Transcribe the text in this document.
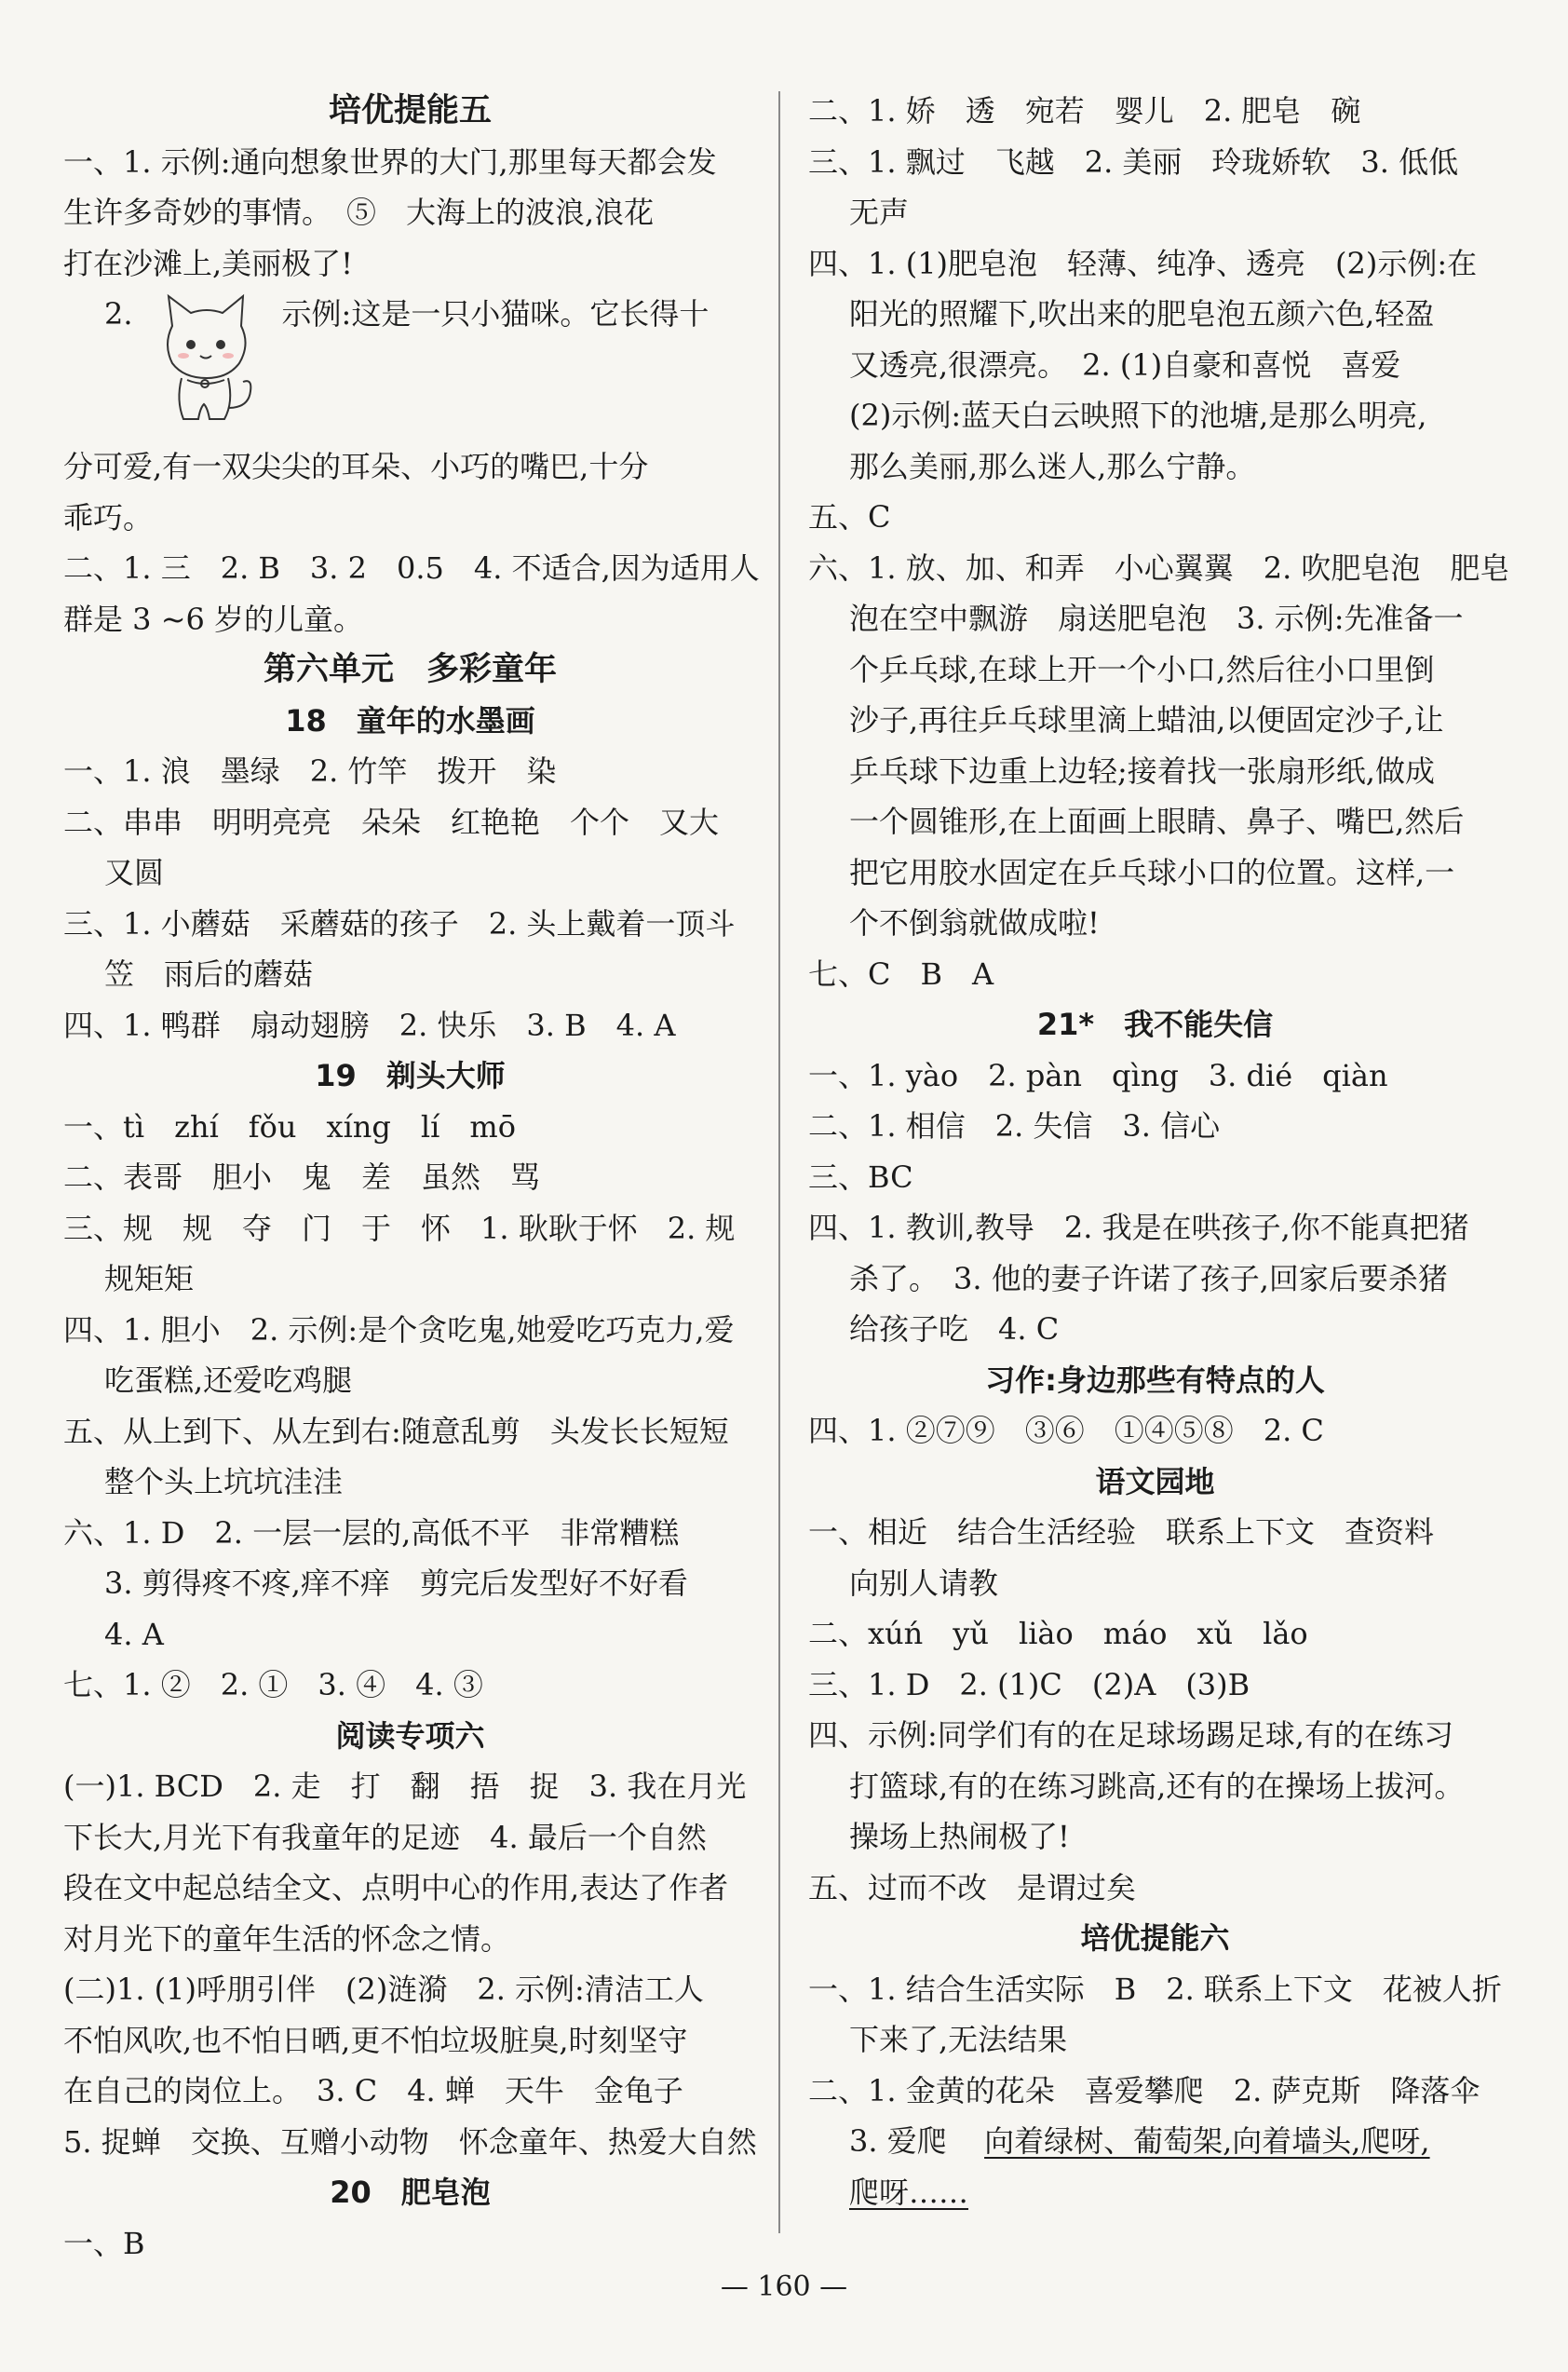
培优提能五
一、1. 示例:通向想象世界的大门,那里每天都会发
生许多奇妙的事情。　⑤　大海上的波浪,浪花
打在沙滩上,美丽极了!
2.	示例:这是一只小猫咪。它长得十
分可爱,有一双尖尖的耳朵、小巧的嘴巴,十分
乖巧。
二、1. 三　2. B　3. 2　0.5　4. 不适合,因为适用人
群是 3 ~6 岁的儿童。
第六单元　多彩童年
18　童年的水墨画
一、1. 浪　墨绿　2. 竹竿　拨开　染
二、串串　明明亮亮　朵朵　红艳艳　个个　又大
又圆
三、1. 小蘑菇　采蘑菇的孩子　2. 头上戴着一顶斗
笠　雨后的蘑菇
四、1. 鸭群　扇动翅膀　2. 快乐　3. B　4. A
19　剃头大师
一、tì　zhí　fǒu　xíng　lí　mō
二、表哥　胆小　鬼　差　虽然　骂
三、规　规　夺　门　于　怀　1. 耿耿于怀　2. 规
规矩矩
四、1. 胆小　2. 示例:是个贪吃鬼,她爱吃巧克力,爱
吃蛋糕,还爱吃鸡腿
五、从上到下、从左到右:随意乱剪　头发长长短短
整个头上坑坑洼洼
六、1. D　2. 一层一层的,高低不平　非常糟糕
3. 剪得疼不疼,痒不痒　剪完后发型好不好看
4. A
七、1. ②　2. ①　3. ④　4. ③
阅读专项六
(一)1. BCD　2. 走　打　翻　捂　捉　3. 我在月光
下长大,月光下有我童年的足迹　4. 最后一个自然
段在文中起总结全文、点明中心的作用,表达了作者
对月光下的童年生活的怀念之情。
(二)1. (1)呼朋引伴　(2)涟漪　2. 示例:清洁工人
不怕风吹,也不怕日晒,更不怕垃圾脏臭,时刻坚守
在自己的岗位上。　3. C　4. 蝉　天牛　金龟子
5. 捉蝉　交换、互赠小动物　怀念童年、热爱大自然
20　肥皂泡
一、B
二、1. 娇　透　宛若　婴儿　2. 肥皂　碗
三、1. 飘过　飞越　2. 美丽　玲珑娇软　3. 低低
无声
四、1. (1)肥皂泡　轻薄、纯净、透亮　(2)示例:在
阳光的照耀下,吹出来的肥皂泡五颜六色,轻盈
又透亮,很漂亮。　2. (1)自豪和喜悦　喜爱
(2)示例:蓝天白云映照下的池塘,是那么明亮,
那么美丽,那么迷人,那么宁静。
五、C
六、1. 放、加、和弄　小心翼翼　2. 吹肥皂泡　肥皂
泡在空中飘游　扇送肥皂泡　3. 示例:先准备一
个乒乓球,在球上开一个小口,然后往小口里倒
沙子,再往乒乓球里滴上蜡油,以便固定沙子,让
乒乓球下边重上边轻;接着找一张扇形纸,做成
一个圆锥形,在上面画上眼睛、鼻子、嘴巴,然后
把它用胶水固定在乒乓球小口的位置。这样,一
个不倒翁就做成啦!
七、C　B　A
21*　我不能失信
一、1. yào　2. pàn　qìng　3. dié　qiàn
二、1. 相信　2. 失信　3. 信心
三、BC
四、1. 教训,教导　2. 我是在哄孩子,你不能真把猪
杀了。　3. 他的妻子许诺了孩子,回家后要杀猪
给孩子吃　4. C
习作:身边那些有特点的人
四、1. ②⑦⑨　③⑥　①④⑤⑧　2. C
语文园地
一、相近　结合生活经验　联系上下文　查资料
向别人请教
二、xúń　yǔ　liào　máo　xǔ　lǎo
三、1. D　2. (1)C　(2)A　(3)B
四、示例:同学们有的在足球场踢足球,有的在练习
打篮球,有的在练习跳高,还有的在操场上拔河。
操场上热闹极了!
五、过而不改　是谓过矣
培优提能六
一、1. 结合生活实际　B　2. 联系上下文　花被人折
下来了,无法结果
二、1. 金黄的花朵　喜爱攀爬　2. 萨克斯　降落伞
3. 爱爬 向着绿树、葡萄架,向着墙头,爬呀,
爬呀……
— 160 —
